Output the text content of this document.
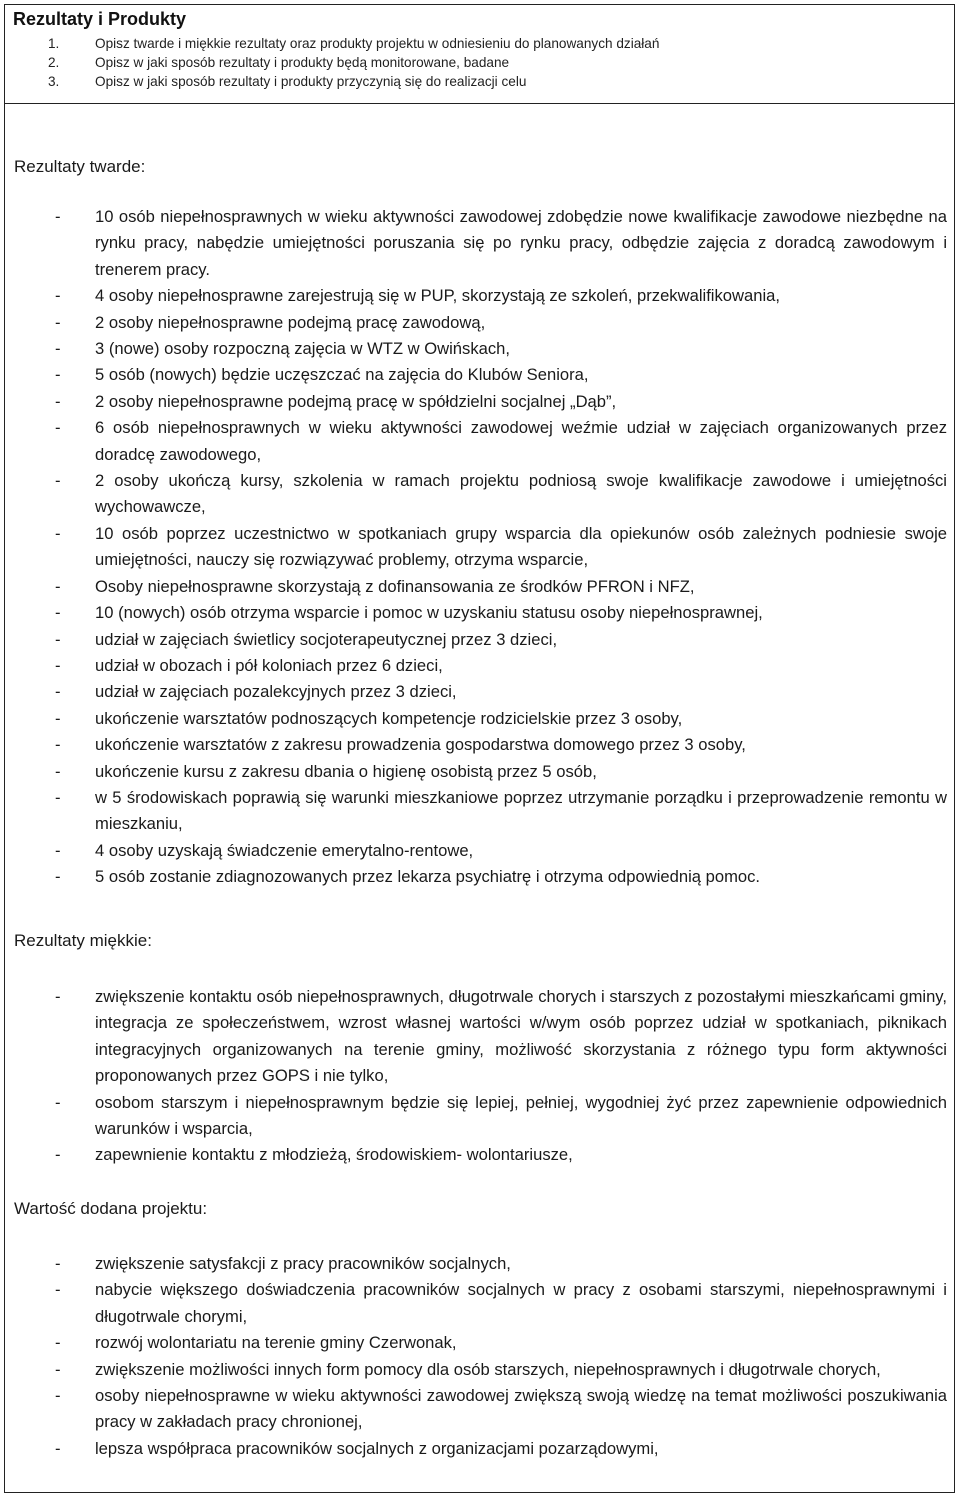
Rezultaty i Produkty
1.	Opisz twarde i miękkie rezultaty oraz produkty projektu w odniesieniu do planowanych działań
2.	Opisz w jaki sposób rezultaty i produkty będą monitorowane, badane
3.	Opisz w jaki sposób rezultaty i produkty przyczynią się do realizacji celu
Rezultaty twarde:
- 10 osób niepełnosprawnych w wieku aktywności zawodowej zdobędzie nowe kwalifikacje zawodowe niezbędne na rynku pracy, nabędzie umiejętności poruszania się po rynku pracy, odbędzie zajęcia z doradcą zawodowym i trenerem pracy.
- 4 osoby niepełnosprawne zarejestrują się w PUP, skorzystają ze szkoleń, przekwalifikowania,
- 2 osoby niepełnosprawne podejmą pracę zawodową,
- 3 (nowe) osoby rozpoczną zajęcia w WTZ w Owińskach,
- 5 osób (nowych) będzie uczęszczać na zajęcia do Klubów Seniora,
- 2 osoby niepełnosprawne podejmą pracę w spółdzielni socjalnej „Dąb”,
- 6 osób niepełnosprawnych w wieku aktywności zawodowej weźmie udział w zajęciach organizowanych przez doradcę zawodowego,
- 2 osoby ukończą kursy, szkolenia w ramach projektu podniosą swoje kwalifikacje zawodowe i umiejętności wychowawcze,
- 10 osób poprzez uczestnictwo w spotkaniach grupy wsparcia dla opiekunów osób zależnych podniesie swoje umiejętności, nauczy się rozwiązywać problemy, otrzyma wsparcie,
- Osoby niepełnosprawne skorzystają z dofinansowania ze środków PFRON i NFZ,
- 10 (nowych) osób otrzyma wsparcie i pomoc w uzyskaniu statusu osoby niepełnosprawnej,
- udział w zajęciach świetlicy socjoterapeutycznej przez 3 dzieci,
- udział w obozach i pół koloniach przez 6 dzieci,
- udział w zajęciach pozalekcyjnych przez 3 dzieci,
- ukończenie warsztatów podnoszących kompetencje rodzicielskie przez 3 osoby,
- ukończenie warsztatów z zakresu prowadzenia gospodarstwa domowego przez 3 osoby,
- ukończenie kursu z zakresu dbania o higienę osobistą przez 5 osób,
- w 5 środowiskach poprawią się warunki mieszkaniowe poprzez utrzymanie porządku i przeprowadzenie remontu w mieszkaniu,
- 4 osoby uzyskają świadczenie emerytalno-rentowe,
- 5 osób zostanie zdiagnozowanych przez lekarza psychiatrę i otrzyma odpowiednią pomoc.
Rezultaty miękkie:
- zwiększenie kontaktu osób niepełnosprawnych, długotrwale chorych i starszych z pozostałymi mieszkańcami gminy, integracja ze społeczeństwem, wzrost własnej wartości w/wym osób poprzez udział w spotkaniach, piknikach integracyjnych organizowanych na terenie gminy, możliwość skorzystania z różnego typu form aktywności proponowanych przez GOPS i nie tylko,
- osobom starszym i niepełnosprawnym będzie się lepiej, pełniej, wygodniej żyć przez zapewnienie odpowiednich warunków i wsparcia,
- zapewnienie kontaktu z młodzieżą, środowiskiem- wolontariusze,
Wartość dodana projektu:
- zwiększenie satysfakcji z pracy pracowników socjalnych,
- nabycie większego doświadczenia pracowników socjalnych w pracy z osobami starszymi, niepełnosprawnymi i długotrwale chorymi,
- rozwój wolontariatu na terenie gminy Czerwonak,
- zwiększenie możliwości innych form pomocy dla osób starszych, niepełnosprawnych i długotrwale chorych,
- osoby niepełnosprawne w wieku aktywności zawodowej zwiększą swoją wiedzę na temat możliwości poszukiwania pracy w zakładach pracy chronionej,
- lepsza współpraca pracowników socjalnych z organizacjami pozarządowymi,
